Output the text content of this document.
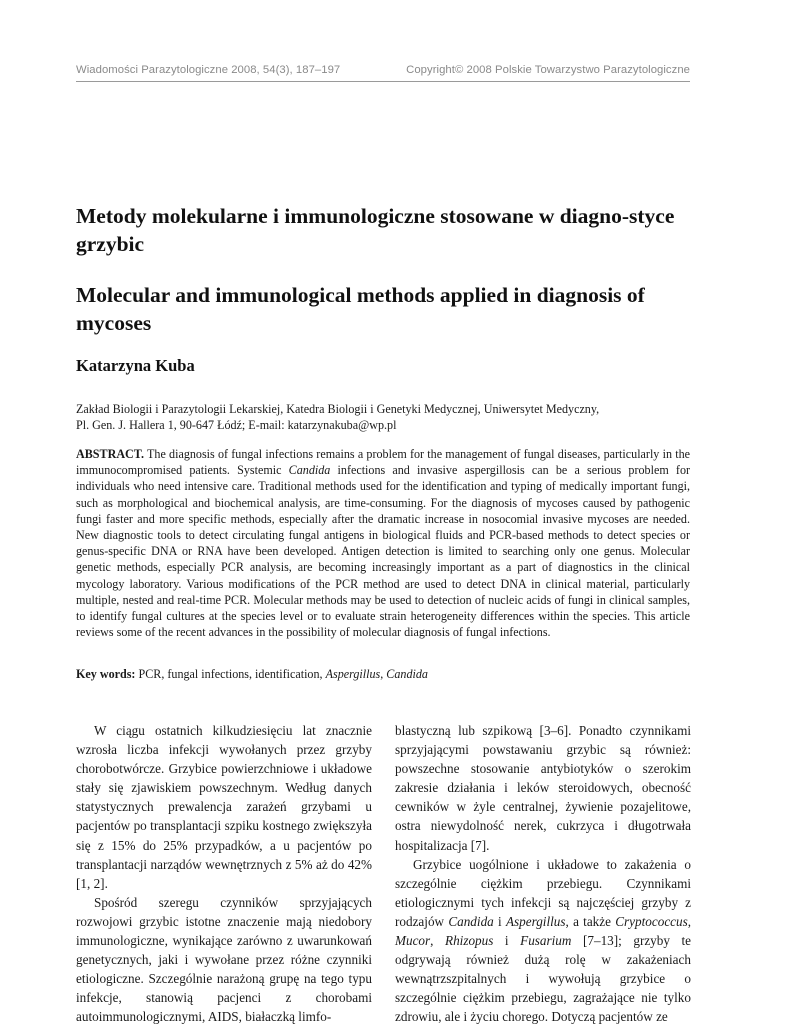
Wiadomości Parazytologiczne 2008, 54(3), 187–197	Copyright© 2008 Polskie Towarzystwo Parazytologiczne
Metody molekularne i immunologiczne stosowane w diagno-styce grzybic
Molecular and immunological methods applied in diagnosis of mycoses

Katarzyna Kuba

Zakład Biologii i Parazytologii Lekarskiej, Katedra Biologii i Genetyki Medycznej, Uniwersytet Medyczny,
Pl. Gen. J. Hallera 1, 90-647 Łódź; E-mail: katarzynakuba@wp.pl

ABSTRACT. The diagnosis of fungal infections remains a problem for the management of fungal diseases, particularly in the immunocompromised patients. Systemic Candida infections and invasive aspergillosis can be a serious problem for individuals who need intensive care. Traditional methods used for the identification and typing of medically important fungi, such as morphological and biochemical analysis, are time-consuming. For the diagnosis of mycoses caused by pathogenic fungi faster and more specific methods, especially after the dramatic increase in nosocomial invasive mycoses are needed. New diagnostic tools to detect circulating fungal antigens in biological fluids and PCR-based methods to detect species or genus-specific DNA or RNA have been developed. Antigen detection is limited to searching only one genus. Molecular genetic methods, especially PCR analysis, are becoming increasingly important as a part of diagnostics in the clinical mycology laboratory. Various modifications of the PCR method are used to detect DNA in clinical material, particularly multiple, nested and real-time PCR. Molecular methods may be used to detection of nucleic acids of fungi in clinical samples, to identify fungal cultures at the species level or to evaluate strain heterogeneity differences within the species. This article reviews some of the recent advances in the possibility of molecular diagnosis of fungal infections.

Key words: PCR, fungal infections, identification, Aspergillus, Candida

W ciągu ostatnich kilkudziesięciu lat znacznie wzrosła liczba infekcji wywołanych przez grzyby chorobotwórcze. Grzybice powierzchniowe i układowe stały się zjawiskiem powszechnym. Według danych statystycznych prewalencja zarażeń grzybami u pacjentów po transplantacji szpiku kostnego zwiększyła się z 15% do 25% przypadków, a u pacjentów po transplantacji narządów wewnętrznych z 5% aż do 42% [1, 2].

Spośród szeregu czynników sprzyjających rozwojowi grzybic istotne znaczenie mają niedobory immunologiczne, wynikające zarówno z uwarunkowań genetycznych, jaki i wywołane przez różne czynniki etiologiczne. Szczególnie narażoną grupę na tego typu infekcje, stanowią pacjenci z chorobami autoimmunologicznymi, AIDS, białaczką limfo-

blastyczną lub szpikową [3–6]. Ponadto czynnikami sprzyjającymi powstawaniu grzybic są również: powszechne stosowanie antybiotyków o szerokim zakresie działania i leków steroidowych, obecność cewników w żyle centralnej, żywienie pozajelitowe, ostra niewydolność nerek, cukrzyca i długotrwała hospitalizacja [7].

Grzybice uogólnione i układowe to zakażenia o szczególnie ciężkim przebiegu. Czynnikami etiologicznymi tych infekcji są najczęściej grzyby z rodzajów Candida i Aspergillus, a także Cryptococcus, Mucor, Rhizopus i Fusarium [7–13]; grzyby te odgrywają również dużą rolę w zakażeniach wewnątrzszpitalnych i wywołują grzybice o szczególnie ciężkim przebiegu, zagrażające nie tylko zdrowiu, ale i życiu chorego. Dotyczą pacjentów ze
